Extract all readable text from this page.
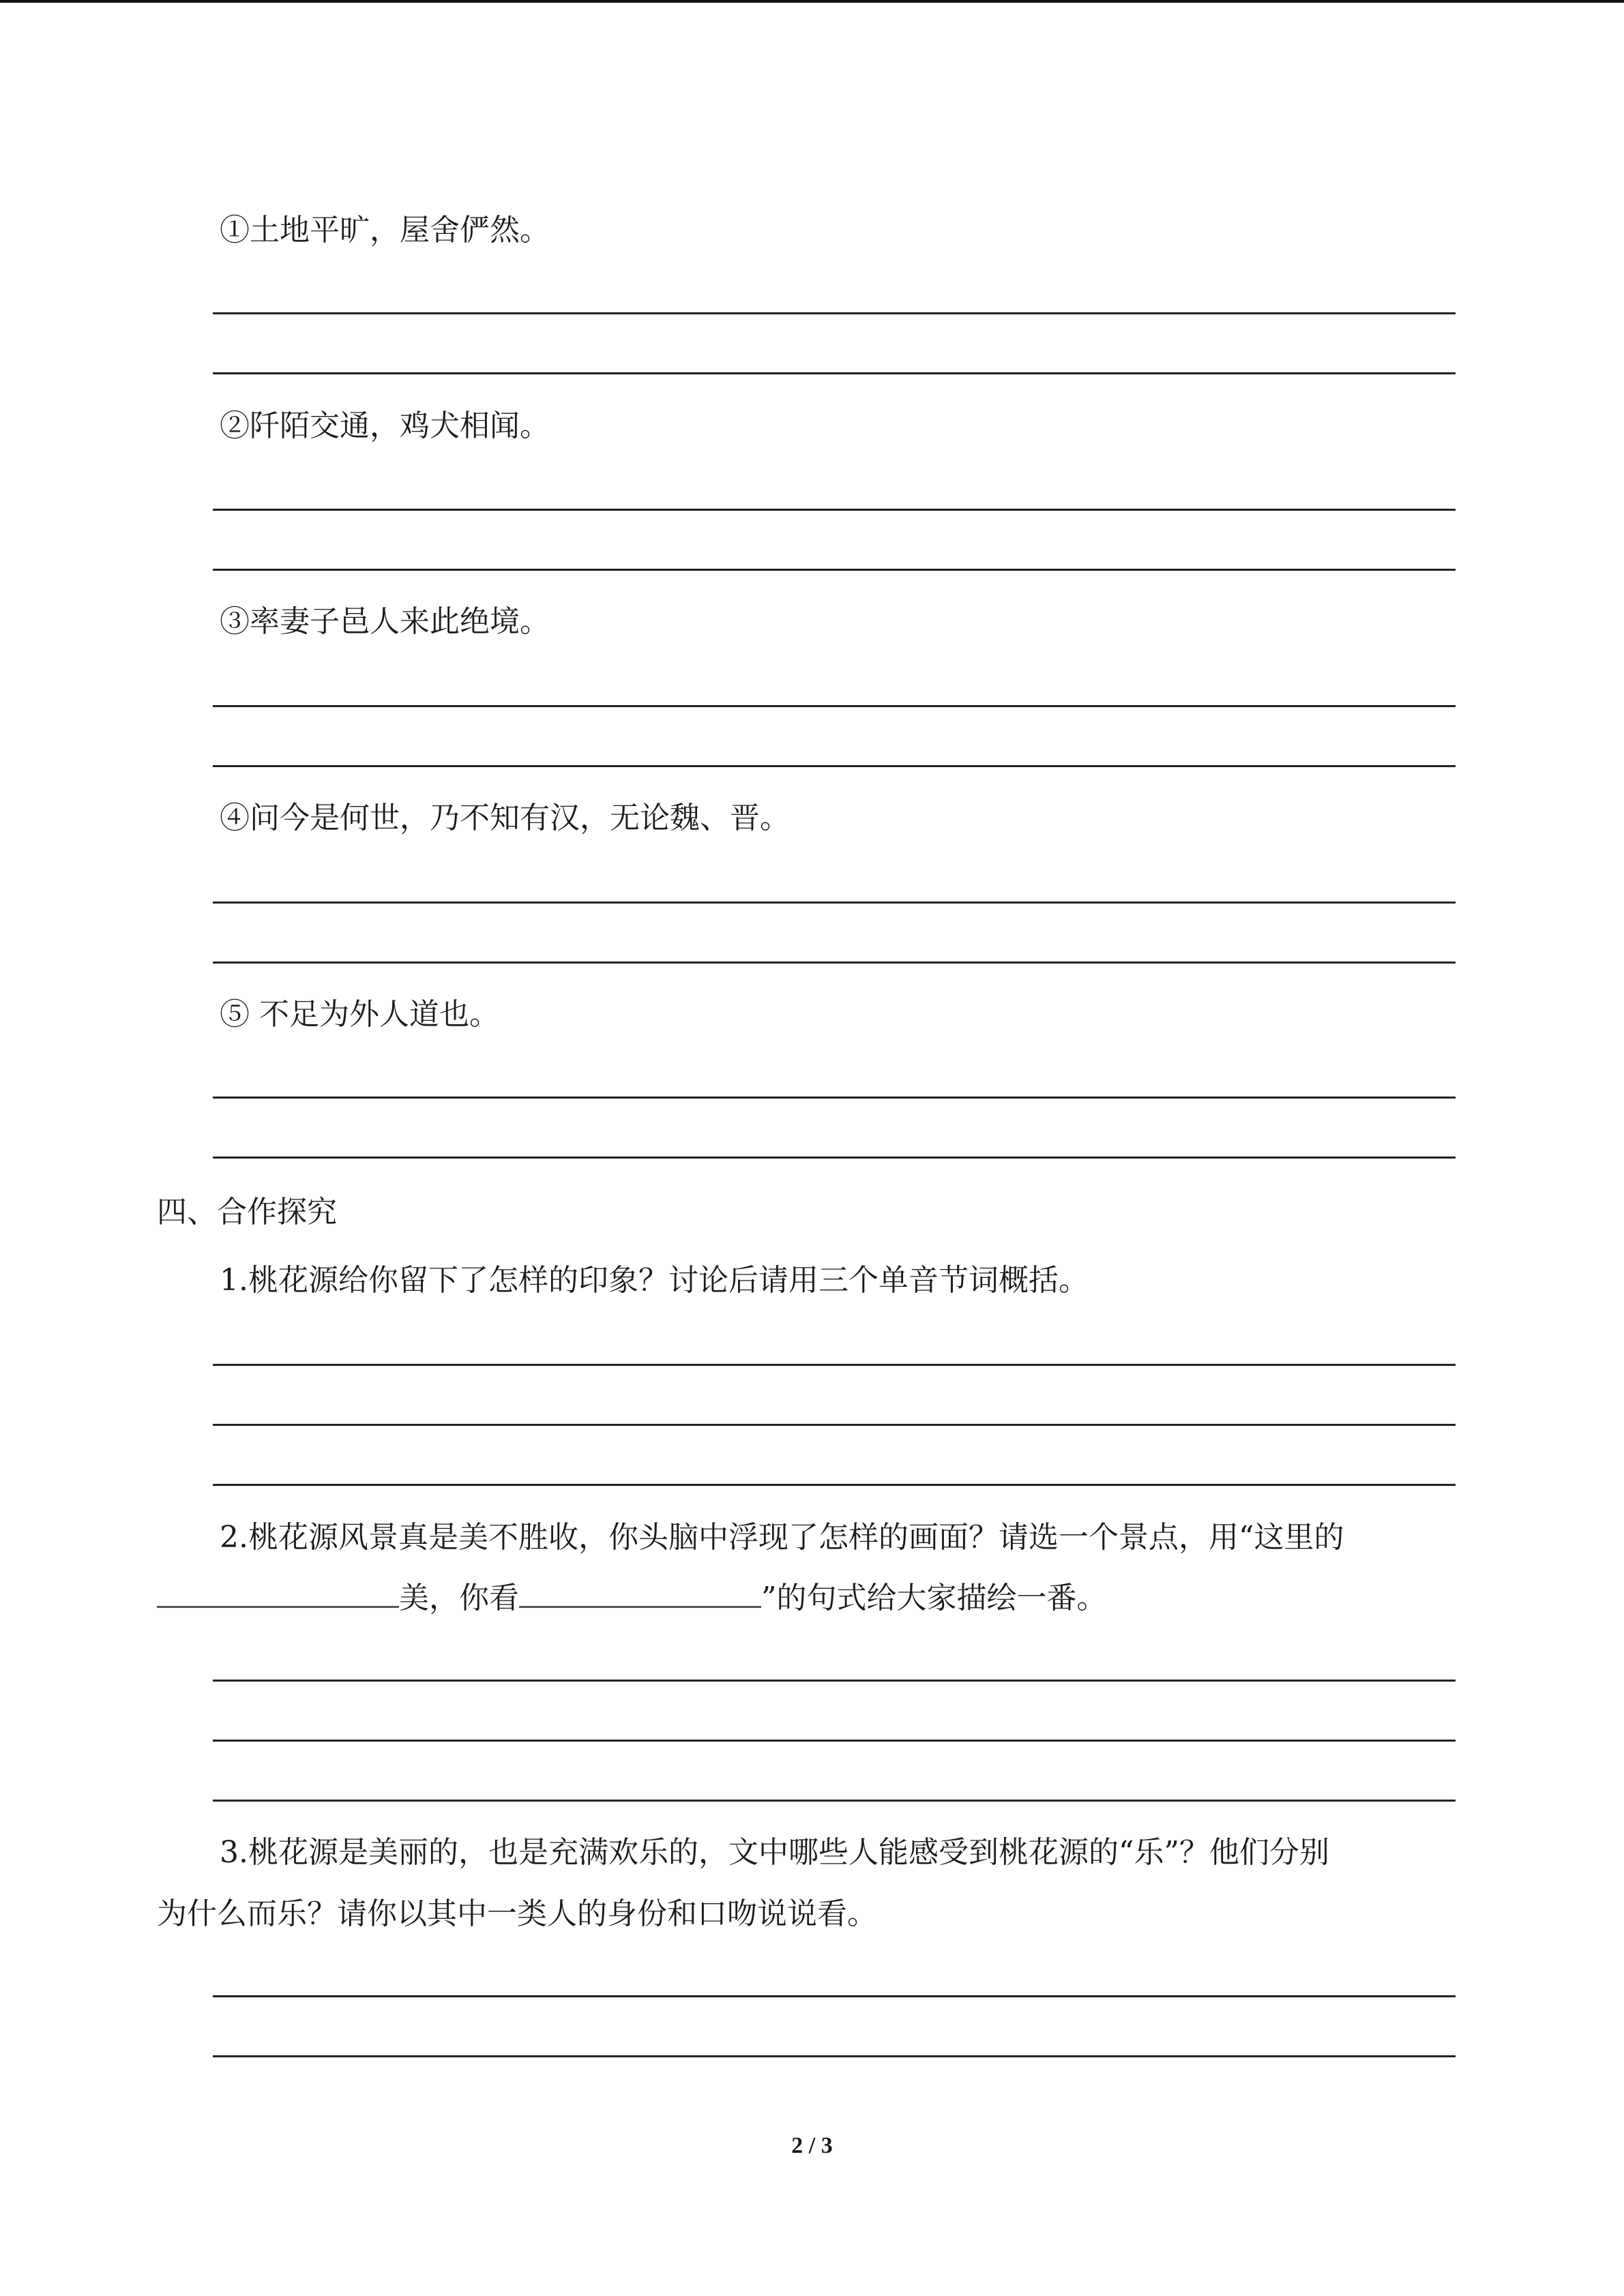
①土地平旷，屋舍俨然。
②阡陌交通，鸡犬相闻。
③率妻子邑人来此绝境。
④问今是何世，乃不知有汉，无论魏、晋。
⑤ 不足为外人道也。
四、合作探究
1.桃花源给你留下了怎样的印象？讨论后请用三个单音节词概括。
2.桃花源风景真是美不胜收，你头脑中浮现了怎样的画面？请选一个景点，用“这里的
美，你看	”的句式给大家描绘一番。
3.桃花源是美丽的，也是充满欢乐的，文中哪些人能感受到桃花源的“乐”？他们分别
为什么而乐？请你以其中一类人的身份和口吻说说看。
2 / 3
